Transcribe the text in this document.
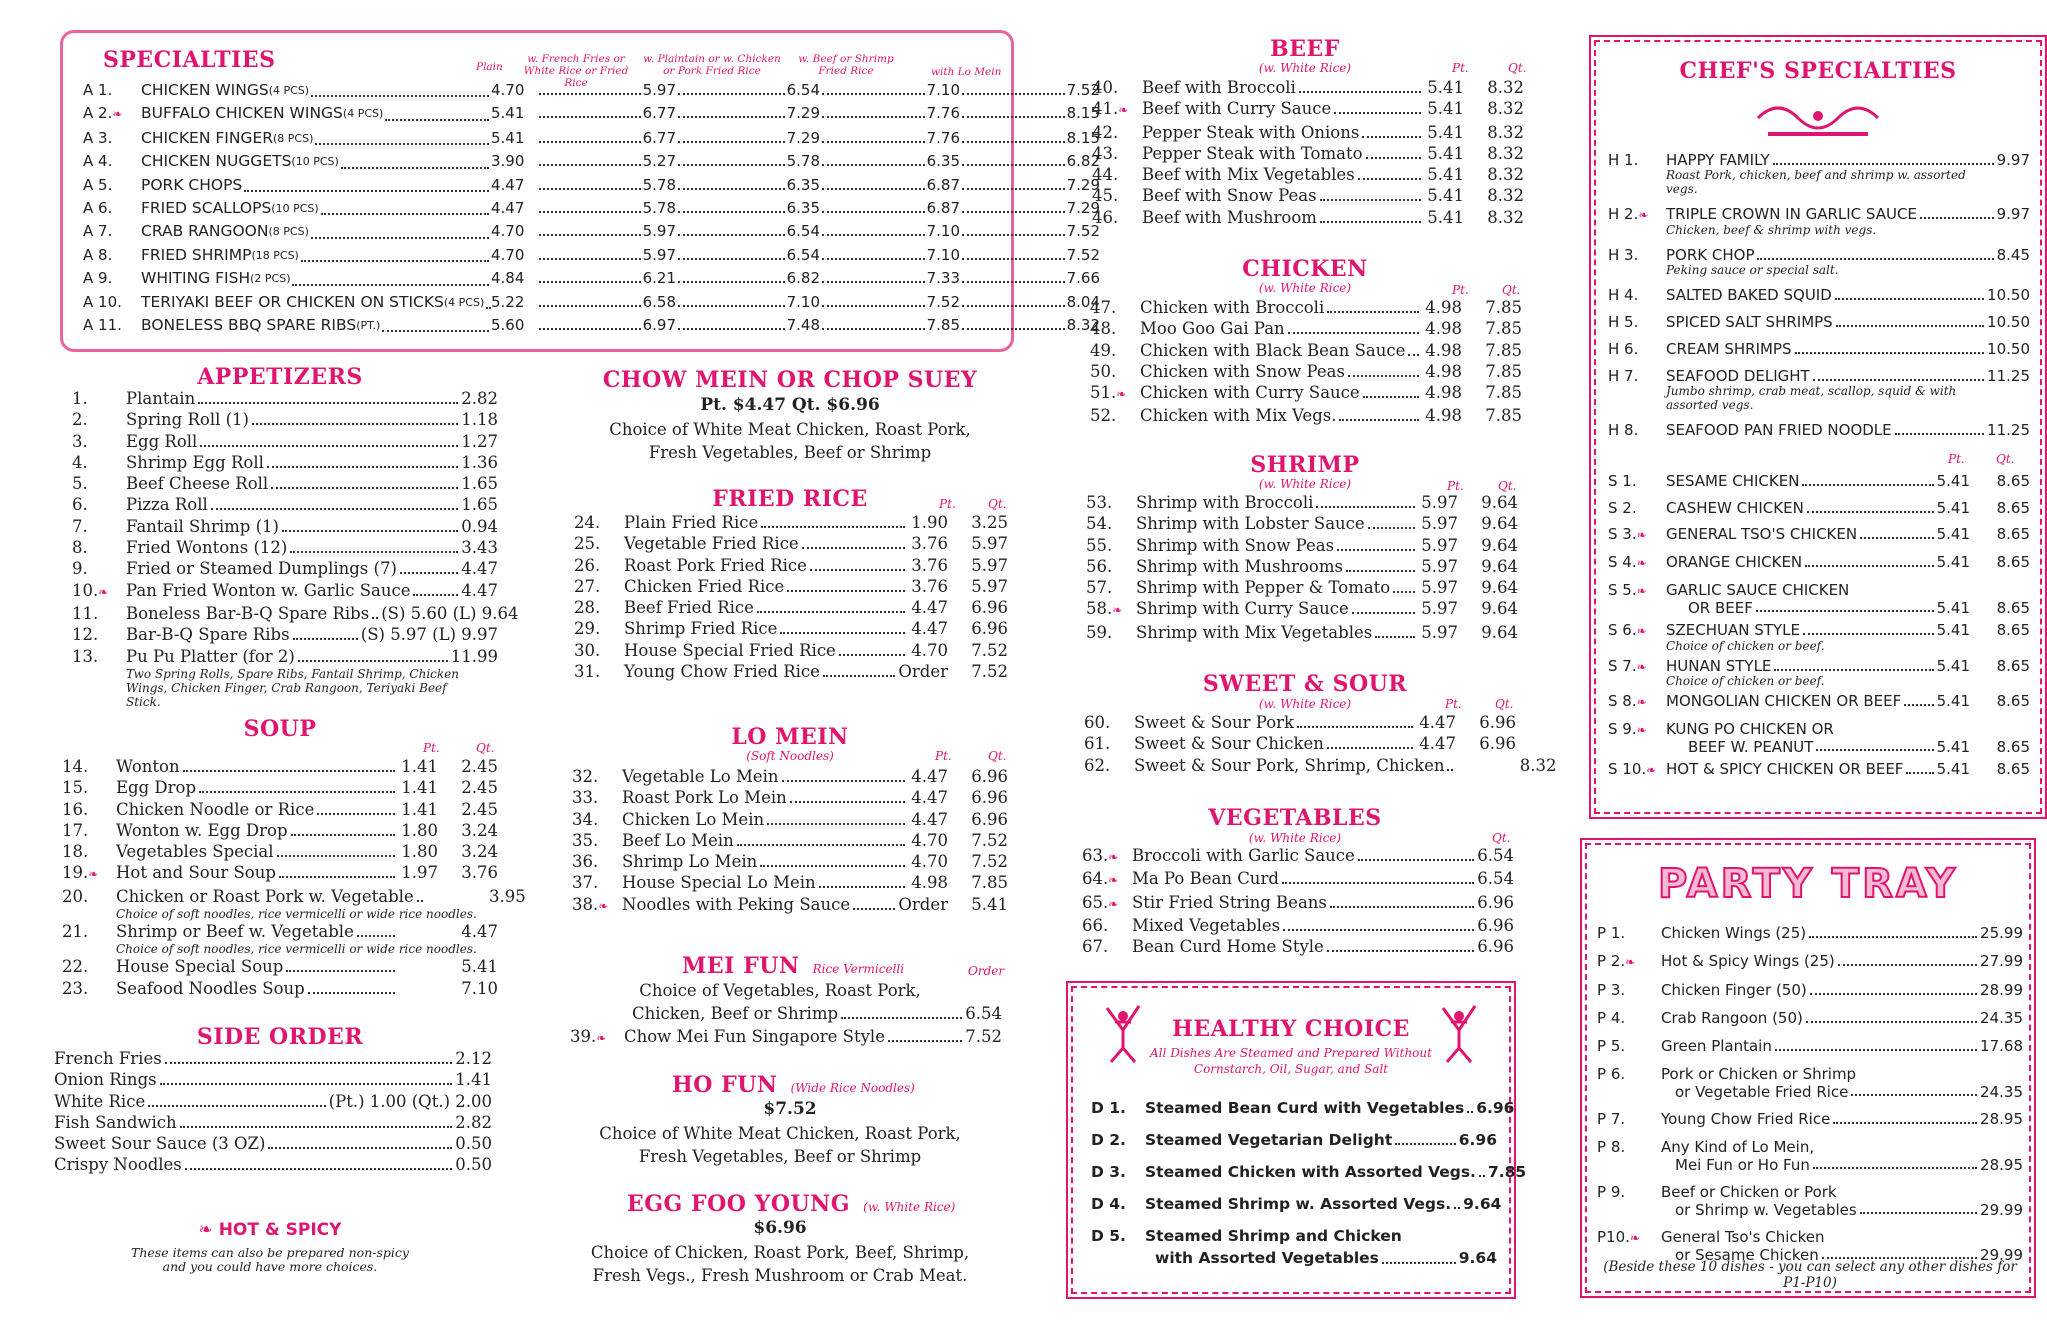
SPECIALTIES	Plain
w. French Fries or White Rice or Fried Rice
w. Plaintain or w. Chicken or Pork Fried Rice
w. Beef or Shrimp Fried Rice	with Lo Mein
A 1.	CHICKEN WINGS (4 PCS)	4.70	5.97	6.54	7.10	7.52
A 2.❧	BUFFALO CHICKEN WINGS (4 PCS)	5.41	6.77	7.29	7.76	8.15
A 3.	CHICKEN FINGER (8 PCS)	5.41	6.77	7.29	7.76	8.15
A 4.	CHICKEN NUGGETS (10 PCS)	3.90	5.27	5.78	6.35	6.82
A 5.	PORK CHOPS	4.47	5.78	6.35	6.87	7.29
A 6.	FRIED SCALLOPS (10 PCS)	4.47	5.78	6.35	6.87	7.29
A 7.	CRAB RANGOON (8 PCS)	4.70	5.97	6.54	7.10	7.52
A 8.	FRIED SHRIMP (18 PCS)	4.70	5.97	6.54	7.10	7.52
A 9.	WHITING FISH (2 PCS)	4.84	6.21	6.82	7.33	7.66
A 10.	TERIYAKI BEEF OR CHICKEN ON STICKS (4 PCS) 5.22	6.58	7.10	7.52	8.04
A 11.	BONELESS BBQ SPARE RIBS (PT.)	5.60	6.97	7.48	7.85	8.32
APPETIZERS
1.	Plantain	2.82
2.	Spring Roll (1)	1.18
3.	Egg Roll	1.27
4.	Shrimp Egg Roll	1.36
5.	Beef Cheese Roll	1.65
6.	Pizza Roll	1.65
7.	Fantail Shrimp (1)	0.94
8.	Fried Wontons (12)	3.43
9.	Fried or Steamed Dumplings (7)	4.47
10.❧	Pan Fried Wonton w. Garlic Sauce	4.47
11.	Boneless Bar-B-Q Spare Ribs (S) 5.60 (L) 9.64
12.	Bar-B-Q Spare Ribs	(S) 5.97 (L) 9.97
13.	Pu Pu Platter (for 2)	11.99
Two Spring Rolls, Spare Ribs, Fantail Shrimp, Chicken Wings, Chicken Finger, Crab Rangoon, Teriyaki Beef Stick.
SOUP
Pt.	Qt.
14.	Wonton	1.41	2.45
15.	Egg Drop	1.41	2.45
16.	Chicken Noodle or Rice	1.41	2.45
17.	Wonton w. Egg Drop	1.80	3.24
18.	Vegetables Special	1.80	3.24
19.❧	Hot and Sour Soup	1.97	3.76
20.	Chicken or Roast Pork w. Vegetable	3.95
Choice of soft noodles, rice vermicelli or wide rice noodles.
21.	Shrimp or Beef w. Vegetable	4.47
Choice of soft noodles, rice vermicelli or wide rice noodles.
22.	House Special Soup	5.41
23.	Seafood Noodles Soup	7.10
SIDE ORDER
French Fries	2.12
Onion Rings	1.41
White Rice	(Pt.) 1.00 (Qt.) 2.00
Fish Sandwich	2.82
Sweet Sour Sauce (3 OZ)	0.50
Crispy Noodles	0.50
❧ HOT & SPICY
These items can also be prepared non-spicy
and you could have more choices.
CHOW MEIN OR CHOP SUEY
Pt. $4.47 Qt. $6.96
Choice of White Meat Chicken, Roast Pork,
Fresh Vegetables, Beef or Shrimp
FRIED RICE	Pt.	Qt.
24.	Plain Fried Rice	1.90	3.25
25.	Vegetable Fried Rice	3.76	5.97
26.	Roast Pork Fried Rice	3.76	5.97
27.	Chicken Fried Rice	3.76	5.97
28.	Beef Fried Rice	4.47	6.96
29.	Shrimp Fried Rice	4.47	6.96
30.	House Special Fried Rice	4.70	7.52
31.	Young Chow Fried Rice	Order	7.52
LO MEIN
(Soft Noodles)	Pt.	Qt.
32.	Vegetable Lo Mein	4.47	6.96
33.	Roast Pork Lo Mein	4.47	6.96
34.	Chicken Lo Mein	4.47	6.96
35.	Beef Lo Mein	4.70	7.52
36.	Shrimp Lo Mein	4.70	7.52
37.	House Special Lo Mein	4.98	7.85
38.❧ Noodles with Peking Sauce	Order	5.41
MEI FUN Rice Vermicelli	Order
Choice of Vegetables, Roast Pork,
Chicken, Beef or Shrimp	6.54
39.❧	Chow Mei Fun Singapore Style	7.52
HO FUN (Wide Rice Noodles)
$7.52
Choice of White Meat Chicken, Roast Pork,
Fresh Vegetables, Beef or Shrimp
EGG FOO YOUNG (w. White Rice)
$6.96
Choice of Chicken, Roast Pork, Beef, Shrimp,
Fresh Vegs., Fresh Mushroom or Crab Meat.
BEEF
(w. White Rice)	Pt.	Qt.
40.	Beef with Broccoli	5.41	8.32
41.❧ Beef with Curry Sauce	5.41	8.32
42.	Pepper Steak with Onions	5.41	8.32
43.	Pepper Steak with Tomato	5.41	8.32
44.	Beef with Mix Vegetables	5.41	8.32
45.	Beef with Snow Peas	5.41	8.32
46.	Beef with Mushroom	5.41	8.32
CHICKEN
(w. White Rice)	Pt.	Qt.
47.	Chicken with Broccoli	4.98	7.85
48.	Moo Goo Gai Pan	4.98	7.85
49.	Chicken with Black Bean Sauce 4.98	7.85
50.	Chicken with Snow Peas	4.98	7.85
51.❧ Chicken with Curry Sauce	4.98	7.85
52.	Chicken with Mix Vegs.	4.98	7.85
SHRIMP
(w. White Rice)	Pt.	Qt.
53.	Shrimp with Broccoli	5.97	9.64
54.	Shrimp with Lobster Sauce	5.97	9.64
55.	Shrimp with Snow Peas	5.97	9.64
56.	Shrimp with Mushrooms	5.97	9.64
57.	Shrimp with Pepper & Tomato 5.97	9.64
58.❧ Shrimp with Curry Sauce	5.97	9.64
59.	Shrimp with Mix Vegetables	5.97	9.64
SWEET & SOUR
(w. White Rice)	Pt.	Qt.
60.	Sweet & Sour Pork	4.47	6.96
61.	Sweet & Sour Chicken	4.47	6.96
62.	Sweet & Sour Pork, Shrimp, Chicken	8.32
VEGETABLES
(w. White Rice)	Qt.
63.❧ Broccoli with Garlic Sauce	6.54
64.❧ Ma Po Bean Curd	6.54
65.❧ Stir Fried String Beans	6.96
66.	Mixed Vegetables	6.96
67.	Bean Curd Home Style	6.96
HEALTHY CHOICE
All Dishes Are Steamed and Prepared Without
Cornstarch, Oil, Sugar, and Salt
D 1.	Steamed Bean Curd with Vegetables 6.96
D 2.	Steamed Vegetarian Delight	6.96
D 3.	Steamed Chicken with Assorted Vegs. 7.85
D 4.	Steamed Shrimp w. Assorted Vegs. 9.64
D 5.	Steamed Shrimp and Chicken
with Assorted Vegetables	9.64
CHEF'S SPECIALTIES
H 1.	HAPPY FAMILY	9.97
Roast Pork, chicken, beef and shrimp w. assorted vegs.
H 2.❧	TRIPLE CROWN IN GARLIC SAUCE	9.97
Chicken, beef & shrimp with vegs.
H 3.	PORK CHOP	8.45
Peking sauce or special salt.
H 4.	SALTED BAKED SQUID	10.50
H 5.	SPICED SALT SHRIMPS	10.50
H 6.	CREAM SHRIMPS	10.50
H 7.	SEAFOOD DELIGHT	11.25
Jumbo shrimp, crab meat, scallop, squid & with assorted vegs.
H 8.	SEAFOOD PAN FRIED NOODLE	11.25
Pt.	Qt.
S 1.	SESAME CHICKEN	5.41	8.65
S 2.	CASHEW CHICKEN	5.41	8.65
S 3.❧	GENERAL TSO'S CHICKEN	5.41	8.65
S 4.❧	ORANGE CHICKEN	5.41	8.65
S 5.❧	GARLIC SAUCE CHICKEN
OR BEEF	5.41	8.65
S 6.❧	SZECHUAN STYLE	5.41	8.65
Choice of chicken or beef.
S 7.❧	HUNAN STYLE	5.41	8.65
Choice of chicken or beef.
S 8.❧	MONGOLIAN CHICKEN OR BEEF 5.41	8.65
S 9.❧	KUNG PO CHICKEN OR
BEEF W. PEANUT	5.41	8.65
S 10.❧ HOT & SPICY CHICKEN OR BEEF 5.41	8.65
PARTY TRAY
P 1.	Chicken Wings (25)	25.99
P 2.❧	Hot & Spicy Wings (25)	27.99
P 3.	Chicken Finger (50)	28.99
P 4.	Crab Rangoon (50)	24.35
P 5.	Green Plantain	17.68
P 6.	Pork or Chicken or Shrimp
or Vegetable Fried Rice	24.35
P 7.	Young Chow Fried Rice	28.95
P 8.	Any Kind of Lo Mein,
Mei Fun or Ho Fun	28.95
P 9.	Beef or Chicken or Pork
or Shrimp w. Vegetables	29.99
P10.❧	General Tso's Chicken
or Sesame Chicken	29.99
(Beside these 10 dishes - you can select any other dishes for P1-P10)
